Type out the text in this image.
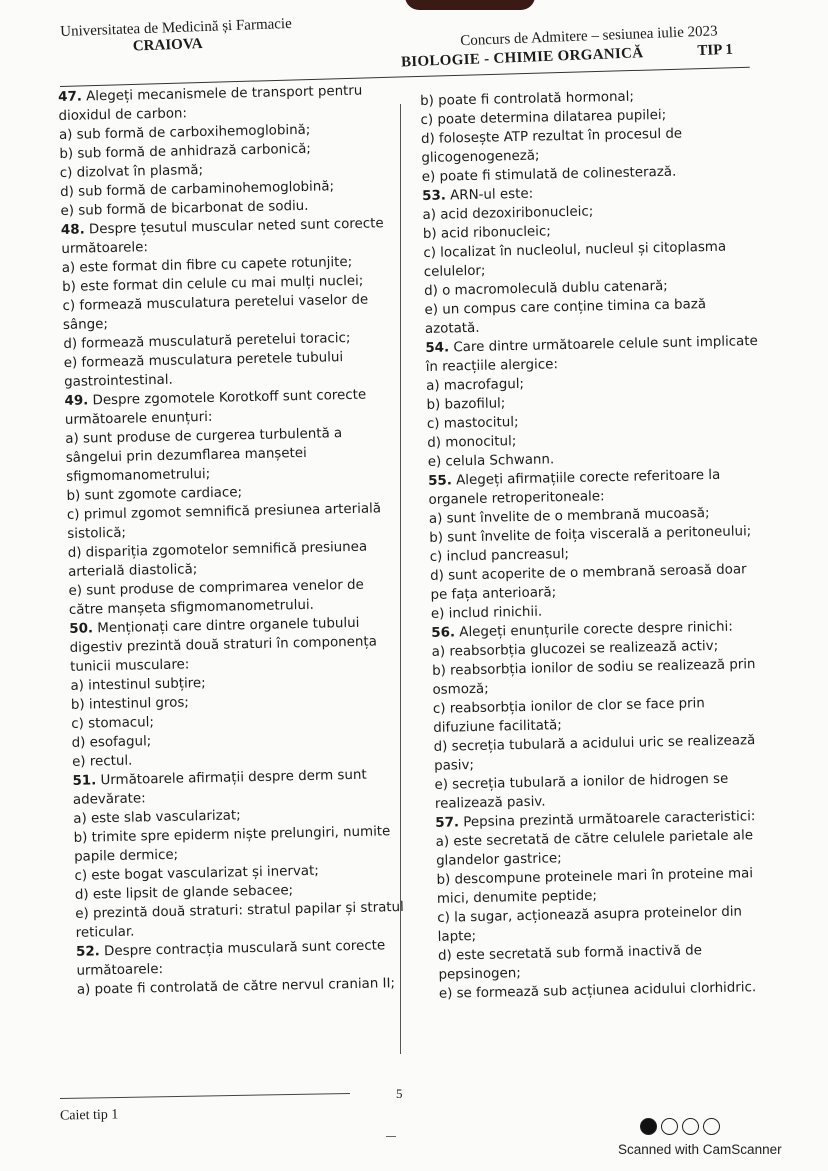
Universitatea de Medicină și Farmacie
CRAIOVA	Concurs de Admitere – sesiunea iulie 2023
BIOLOGIE - CHIMIE ORGANICĂ	TIP 1

47. Alegeți mecanismele de transport pentru dioxidul de carbon:

a) sub formă de carboxihemoglobină;

b) sub formă de anhidrază carbonică;

c) dizolvat în plasmă;

d) sub formă de carbaminohemoglobină;

e) sub formă de bicarbonat de sodiu.

48. Despre țesutul muscular neted sunt corecte următoarele:

a) este format din fibre cu capete rotunjite;

b) este format din celule cu mai mulți nuclei;

c) formează musculatura peretelui vaselor de sânge;

d) formează musculatură peretelui toracic;

e) formează musculatura peretele tubului gastrointestinal.

49. Despre zgomotele Korotkoff sunt corecte următoarele enunțuri:

a) sunt produse de curgerea turbulentă a sângelui prin dezumflarea manșetei sfigmomanometrului;

b) sunt zgomote cardiace;

c) primul zgomot semnifică presiunea arterială sistolică;

d) dispariția zgomotelor semnifică presiunea arterială diastolică;

e) sunt produse de comprimarea venelor de către manșeta sfigmomanometrului.

50. Menționați care dintre organele tubului digestiv prezintă două straturi în componența tunicii musculare:

a) intestinul subțire;

b) intestinul gros;

c) stomacul;

d) esofagul;

e) rectul.

51. Următoarele afirmații despre derm sunt adevărate:

a) este slab vascularizat;

b) trimite spre epiderm niște prelungiri, numite papile dermice;

c) este bogat vascularizat și inervat;

d) este lipsit de glande sebacee;

e) prezintă două straturi: stratul papilar și stratul reticular.

52. Despre contracția musculară sunt corecte următoarele:

a) poate fi controlată de către nervul cranian II;

b) poate fi controlată hormonal;

c) poate determina dilatarea pupilei;

d) folosește ATP rezultat în procesul de glicogenogeneză;

e) poate fi stimulată de colinesterază.

53. ARN-ul este:

a) acid dezoxiribonucleic;

b) acid ribonucleic;

c) localizat în nucleolul, nucleul și citoplasma celulelor;

d) o macromoleculă dublu catenară;

e) un compus care conține timina ca bază azotată.

54. Care dintre următoarele celule sunt implicate în reacțiile alergice:

a) macrofagul;

b) bazofilul;

c) mastocitul;

d) monocitul;

e) celula Schwann.

55. Alegeți afirmațiile corecte referitoare la organele retroperitoneale:

a) sunt învelite de o membrană mucoasă;

b) sunt învelite de foița viscerală a peritoneului;

c) includ pancreasul;

d) sunt acoperite de o membrană seroasă doar pe fața anterioară;

e) includ rinichii.

56. Alegeți enunțurile corecte despre rinichi:

a) reabsorbția glucozei se realizează activ;

b) reabsorbția ionilor de sodiu se realizează prin osmoză;

c) reabsorbția ionilor de clor se face prin difuziune facilitată;

d) secreția tubulară a acidului uric se realizează pasiv;

e) secreția tubulară a ionilor de hidrogen se realizează pasiv.

57. Pepsina prezintă următoarele caracteristici:

a) este secretată de către celulele parietale ale glandelor gastrice;

b) descompune proteinele mari în proteine mai mici, denumite peptide;

c) la sugar, acționează asupra proteinelor din lapte;

d) este secretată sub formă inactivă de pepsinogen;

e) se formează sub acțiunea acidului clorhidric.

5
Caiet tip 1
Scanned with CamScanner
